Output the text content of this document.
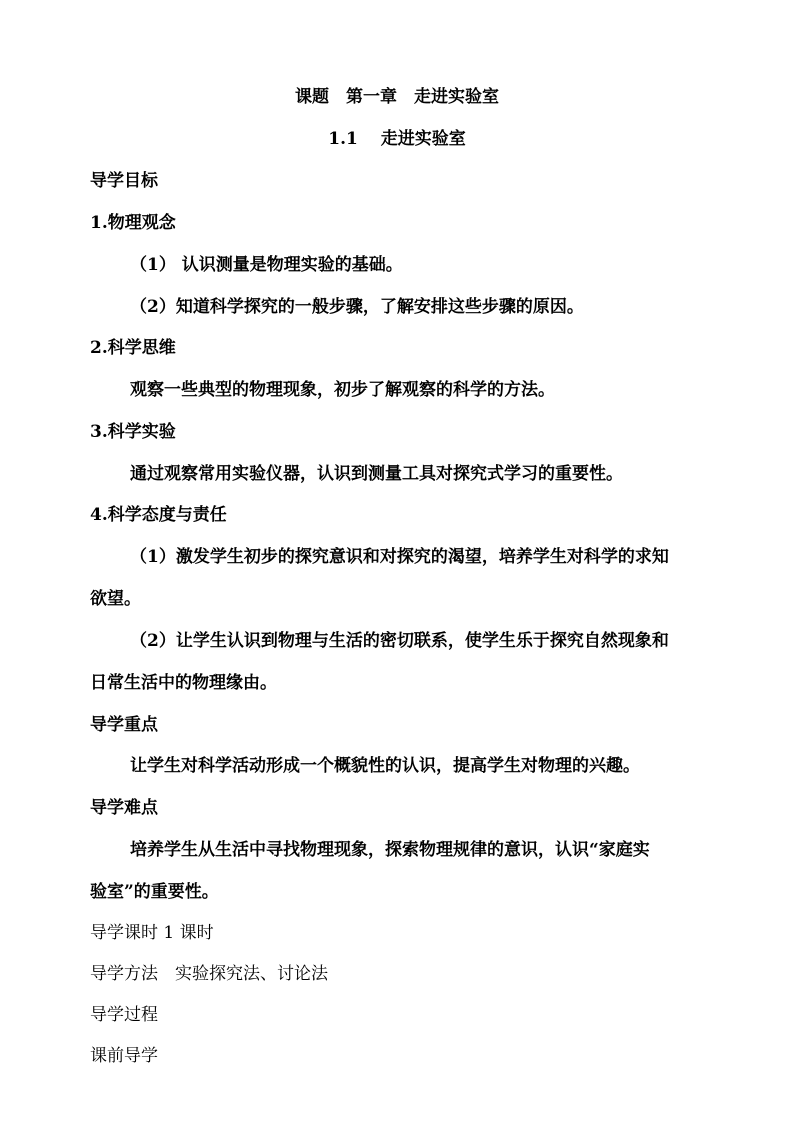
课题　第一章　走进实验室
1.1　 走进实验室
导学目标
1.物理观念
（1） 认识测量是物理实验的基础。
（2）知道科学探究的一般步骤，了解安排这些步骤的原因。
2.科学思维
观察一些典型的物理现象，初步了解观察的科学的方法。
3.科学实验
通过观察常用实验仪器，认识到测量工具对探究式学习的重要性。
4.科学态度与责任
（1）激发学生初步的探究意识和对探究的渴望，培养学生对科学的求知
欲望。
（2）让学生认识到物理与生活的密切联系，使学生乐于探究自然现象和
日常生活中的物理缘由。
导学重点
让学生对科学活动形成一个概貌性的认识，提高学生对物理的兴趣。
导学难点
培养学生从生活中寻找物理现象，探索物理规律的意识，认识“家庭实
验室”的重要性。
导学课时 1 课时
导学方法　实验探究法、讨论法
导学过程
课前导学
